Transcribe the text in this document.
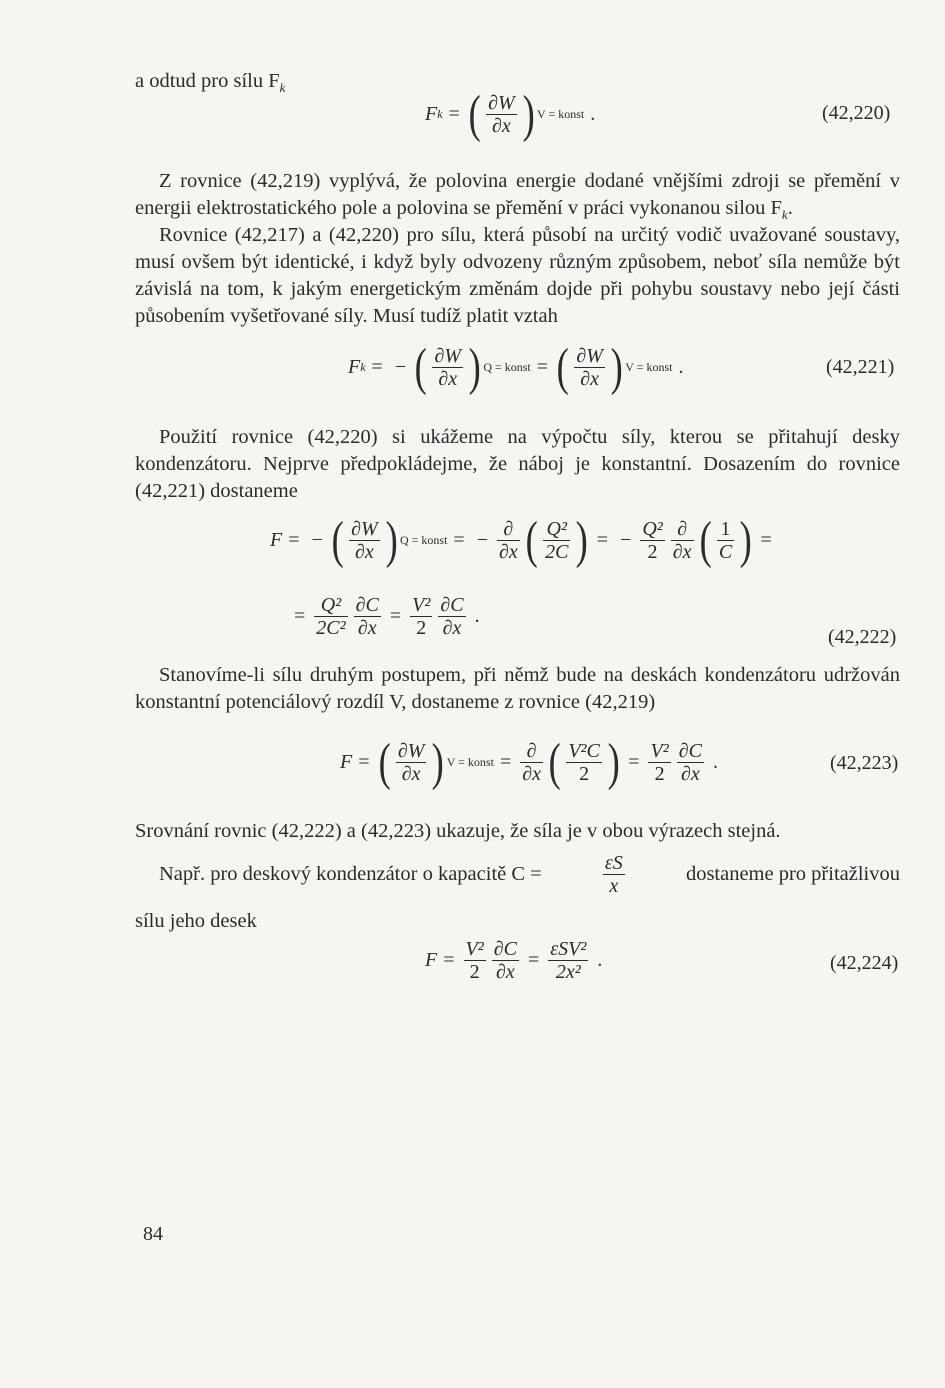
a odtud pro sílu $F_k$

F k = ( $\frac{\partial W}{\partial x}$ ) V = konst .	(42,220)

Z rovnice (42,219) vyplývá, že polovina energie dodané vnějšími zdroji se přemění v energii elektrostatického pole a polovina se přemění v práci vykonanou silou $F_k$.

Rovnice (42,217) a (42,220) pro sílu, která působí na určitý vodič uvažované soustavy, musí ovšem být identické, i když byly odvozeny různým způsobem, neboť síla nemůže být závislá na tom, k jakým energetickým změnám dojde při pohybu soustavy nebo její části působením vyšetřované síly. Musí tudíž platit vztah

F k = − ( $\frac{\partial W}{\partial x}$ ) Q = konst = ( $\frac{\partial W}{\partial x}$ ) V = konst .	(42,221)

Použití rovnice (42,220) si ukážeme na výpočtu síly, kterou se přitahují desky kondenzátoru. Nejprve předpokládejme, že náboj je konstantní. Dosazením do rovnice (42,221) dostaneme

F = − ( $\frac{\partial W}{\partial x}$ ) Q = konst = − $\frac{\partial}{\partial x}$ ( $\frac{\text{Q²}}{2C}$ ) = − $\frac{\text{Q²}}{2} \frac{\partial}{\partial x}$ ( $\frac{1}{C}$ ) =
= $\frac{\text{Q²}}{\text{2C²}} \frac{\partial C}{\partial x} = \frac{\text{V²}}{2} \frac{\partial C}{\partial x}$ .
(42,222)

Stanovíme-li sílu druhým postupem, při němž bude na deskách kondenzátoru udržován konstantní potenciálový rozdíl V, dostaneme z rovnice (42,219)

F = ( $\frac{\partial W}{\partial x}$ ) V = konst = $\frac{\partial}{\partial x}$ ( $\frac{\text{V²C}}{2}$ ) = $\frac{\text{V²}}{2} \frac{\partial C}{\partial x}$ .	(42,223)

Srovnání rovnic (42,222) a (42,223) ukazuje, že síla je v obou výrazech stejná.

Např. pro deskový kondenzátor o kapacitě C =	$\frac{\varepsilon S}{x}$	dostaneme pro přitažlivou

sílu jeho desek

$F = \frac{\text{V²}}{2} \frac{\partial C}{\partial x} = \frac{\text{εSV²}}{\text{2x²}}$ .	(42,224)
84
